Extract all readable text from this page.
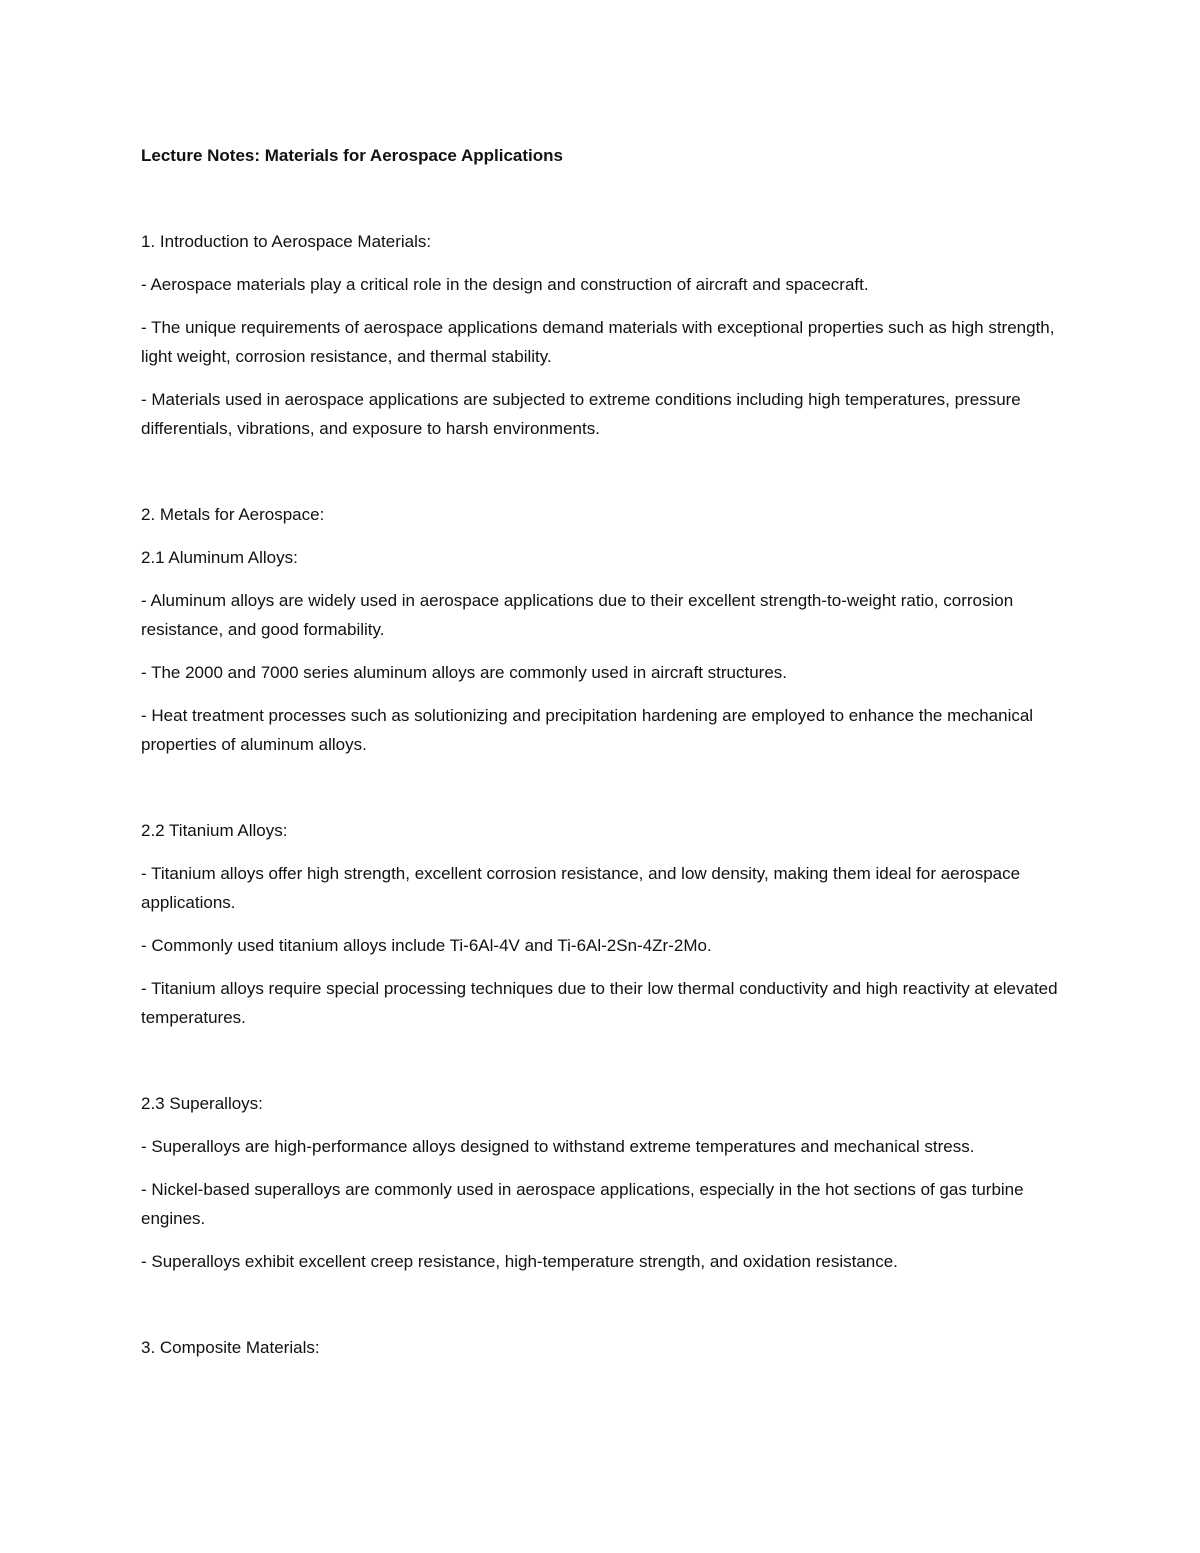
Lecture Notes: Materials for Aerospace Applications
1. Introduction to Aerospace Materials:
- Aerospace materials play a critical role in the design and construction of aircraft and spacecraft.
- The unique requirements of aerospace applications demand materials with exceptional properties such as high strength, light weight, corrosion resistance, and thermal stability.
- Materials used in aerospace applications are subjected to extreme conditions including high temperatures, pressure differentials, vibrations, and exposure to harsh environments.
2. Metals for Aerospace:
2.1 Aluminum Alloys:
- Aluminum alloys are widely used in aerospace applications due to their excellent strength-to-weight ratio, corrosion resistance, and good formability.
- The 2000 and 7000 series aluminum alloys are commonly used in aircraft structures.
- Heat treatment processes such as solutionizing and precipitation hardening are employed to enhance the mechanical properties of aluminum alloys.
2.2 Titanium Alloys:
- Titanium alloys offer high strength, excellent corrosion resistance, and low density, making them ideal for aerospace applications.
- Commonly used titanium alloys include Ti-6Al-4V and Ti-6Al-2Sn-4Zr-2Mo.
- Titanium alloys require special processing techniques due to their low thermal conductivity and high reactivity at elevated temperatures.
2.3 Superalloys:
- Superalloys are high-performance alloys designed to withstand extreme temperatures and mechanical stress.
- Nickel-based superalloys are commonly used in aerospace applications, especially in the hot sections of gas turbine engines.
- Superalloys exhibit excellent creep resistance, high-temperature strength, and oxidation resistance.
3. Composite Materials:
